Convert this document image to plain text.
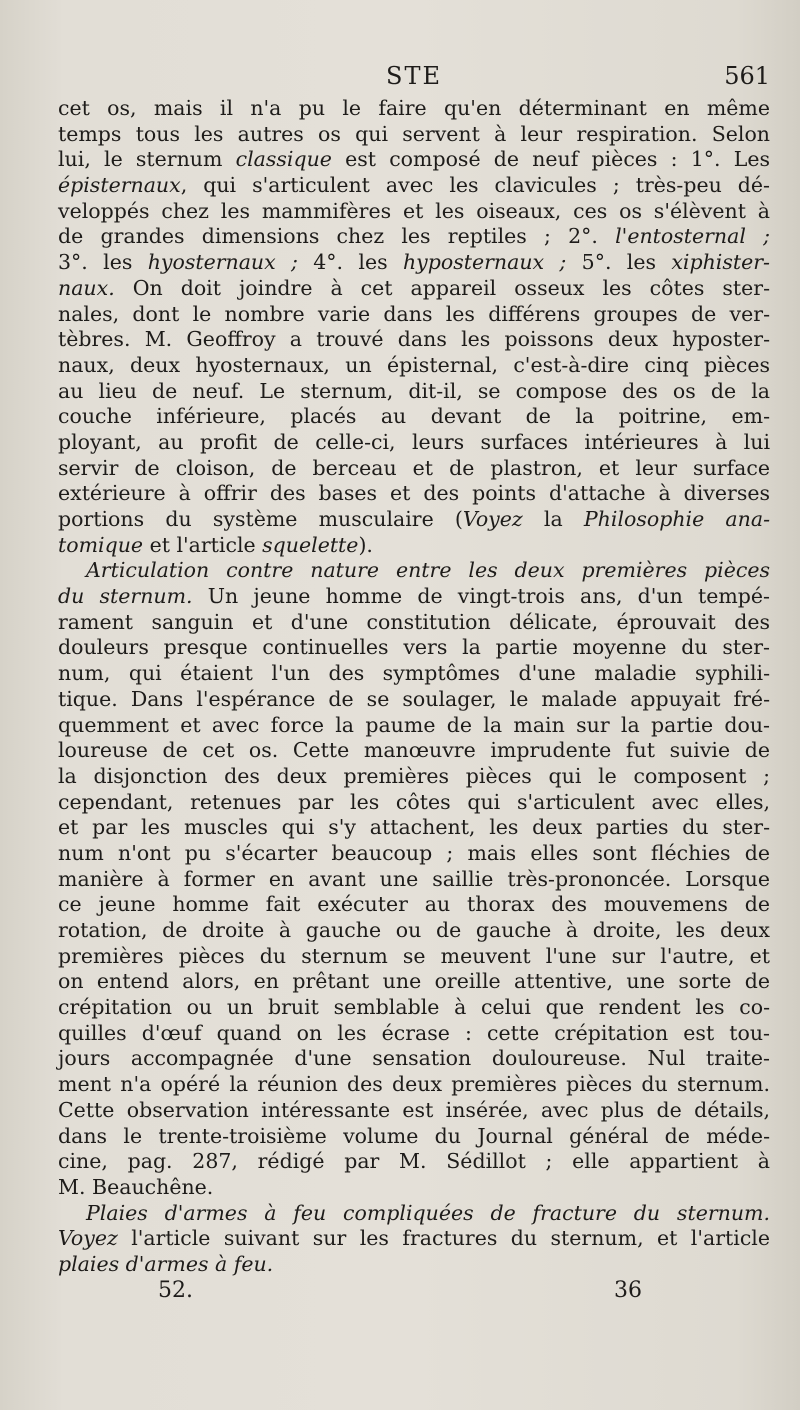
STE	561
cet os, mais il n'a pu le faire qu'en déterminant en même
temps tous les autres os qui servent à leur respiration. Selon
lui, le sternum classique est composé de neuf pièces : 1°. Les
épisternaux, qui s'articulent avec les clavicules ; très-peu dé-
veloppés chez les mammifères et les oiseaux, ces os s'élèvent à
de grandes dimensions chez les reptiles ; 2°. l'entosternal ;
3°. les hyosternaux ; 4°. les hyposternaux ; 5°. les xiphister-
naux. On doit joindre à cet appareil osseux les côtes ster-
nales, dont le nombre varie dans les différens groupes de ver-
tèbres. M. Geoffroy a trouvé dans les poissons deux hyposter-
naux, deux hyosternaux, un épisternal, c'est-à-dire cinq pièces
au lieu de neuf. Le sternum, dit-il, se compose des os de la
couche inférieure, placés au devant de la poitrine, em-
ployant, au profit de celle-ci, leurs surfaces intérieures à lui
servir de cloison, de berceau et de plastron, et leur surface
extérieure à offrir des bases et des points d'attache à diverses
portions du système musculaire (Voyez la Philosophie ana-
tomique et l'article squelette).
Articulation contre nature entre les deux premières pièces
du sternum. Un jeune homme de vingt-trois ans, d'un tempé-
rament sanguin et d'une constitution délicate, éprouvait des
douleurs presque continuelles vers la partie moyenne du ster-
num, qui étaient l'un des symptômes d'une maladie syphili-
tique. Dans l'espérance de se soulager, le malade appuyait fré-
quemment et avec force la paume de la main sur la partie dou-
loureuse de cet os. Cette manœuvre imprudente fut suivie de
la disjonction des deux premières pièces qui le composent ;
cependant, retenues par les côtes qui s'articulent avec elles,
et par les muscles qui s'y attachent, les deux parties du ster-
num n'ont pu s'écarter beaucoup ; mais elles sont fléchies de
manière à former en avant une saillie très-prononcée. Lorsque
ce jeune homme fait exécuter au thorax des mouvemens de
rotation, de droite à gauche ou de gauche à droite, les deux
premières pièces du sternum se meuvent l'une sur l'autre, et
on entend alors, en prêtant une oreille attentive, une sorte de
crépitation ou un bruit semblable à celui que rendent les co-
quilles d'œuf quand on les écrase : cette crépitation est tou-
jours accompagnée d'une sensation douloureuse. Nul traite-
ment n'a opéré la réunion des deux premières pièces du sternum.
Cette observation intéressante est insérée, avec plus de détails,
dans le trente-troisième volume du Journal général de méde-
cine, pag. 287, rédigé par M. Sédillot ; elle appartient à
M. Beauchêne.
Plaies d'armes à feu compliquées de fracture du sternum.
Voyez l'article suivant sur les fractures du sternum, et l'article
plaies d'armes à feu.
52.	36
